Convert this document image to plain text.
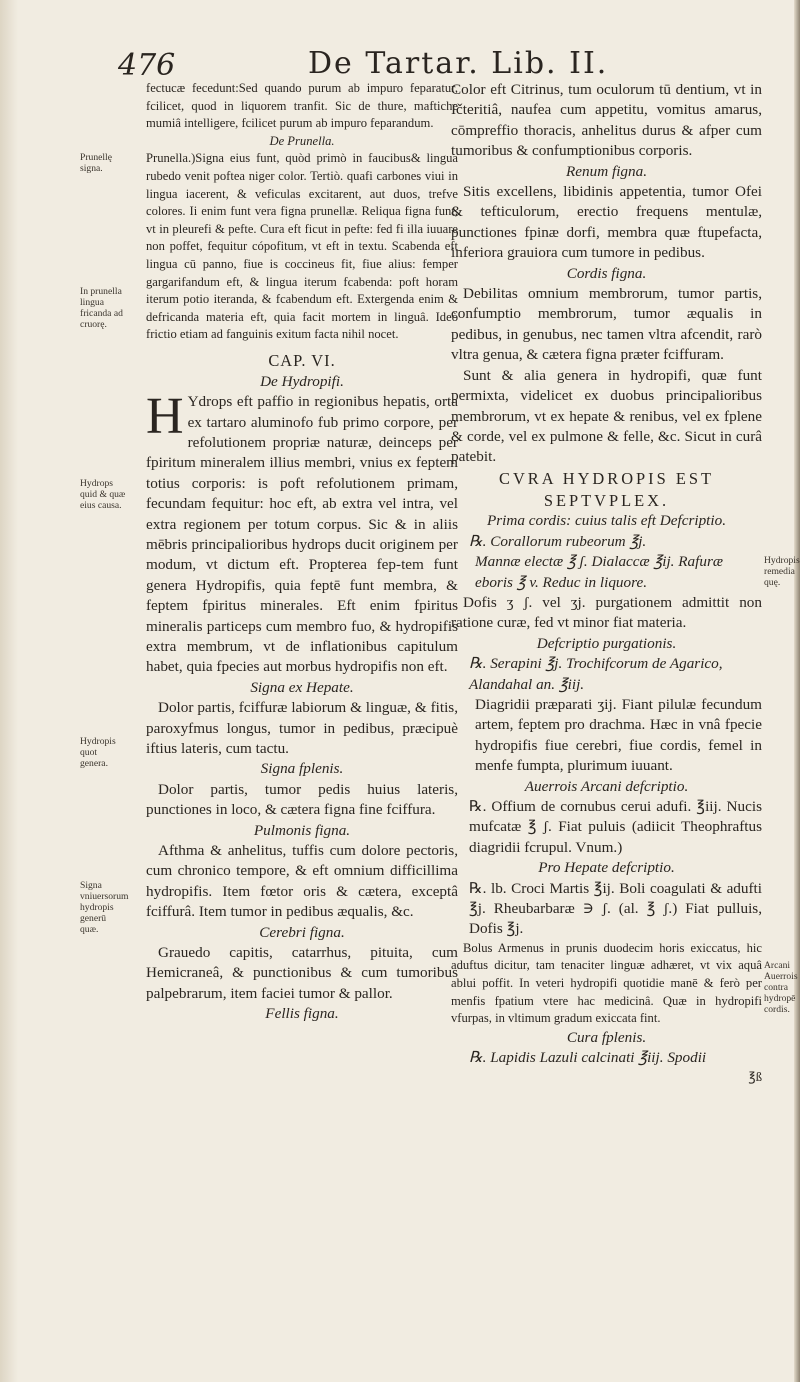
476	De Tartar. Lib. II.

Prunellę signa.

In prunella lingua fricanda ad cruorę.

Hydrops quid & quæ eius causa.

Hydropis quot genera.

Signa vniuersorum hydropis generū quæ.

Hydropis remedia quę.

Arcani Auerrois contra hydropē cordis.

fectucæ fecedunt:Sed quando purum ab impuro feparatur, fcilicet, quod in liquorem tranfit. Sic de thure, maftiche mumiâ intelligere, fcilicet purum ab impuro feparandum.

De Prunella.

Prunella.)Signa eius funt, quòd primò in faucibus& lingua rubedo venit poftea niger color. Tertiò. quafi carbones viui in lingua iacerent, & veficulas excitarent, aut duos, trefve colores. Ii enim funt vera figna prunellæ. Reliqua figna funt, vt in pleurefi & pefte. Cura eft ficut in pefte: fed fi illa iuuare non poffet, fequitur cópofitum, vt eft in textu. Scabenda eft lingua cū panno, fiue is coccineus fit, fiue alius: femper gargarifandum eft, & lingua iterum fcabenda: poft horam iterum potio iteranda, & fcabendum eft. Extergenda enim & defricanda materia eft, quia facit mortem in linguâ. Ideò frictio etiam ad fanguinis exitum facta nihil nocet.

CAP. VI.

De Hydropifi.

H Ydrops eft paffio in regionibus hepatis, orta ex tartaro aluminofo fub primo corpore, per refolutionem propriæ naturæ, deinceps per fpiritum mineralem illius membri, vnius ex feptem totius corporis: is poft refolutionem primam, fecundam fequitur: hoc eft, ab extra vel intra, vel extra regionem per totum corpus. Sic & in aliis mēbris principalioribus hydrops ducit originem per modum, vt dictum eft. Propterea fep-tem funt genera Hydropifis, quia feptē funt membra, & feptem fpiritus minerales. Eft enim fpiritus mineralis particeps cum membro fuo, & hydropifis extra membrum, vt de inflationibus capitulum habet, quia fpecies aut morbus hydropifis non eft.

Signa ex Hepate.

Dolor partis, fciffuræ labiorum & linguæ, & fitis, paroxyfmus longus, tumor in pedibus, præcipuè iftius lateris, cum tactu.

Signa fplenis.

Dolor partis, tumor pedis huius lateris, punctiones in loco, & cætera figna fine fciffura.

Pulmonis figna.

Afthma & anhelitus, tuffis cum dolore pectoris, cum chronico tempore, & eft omnium difficillima hydropifis. Item fœtor oris & cætera, exceptâ fciffurâ. Item tumor in pedibus æqualis, &c.

Cerebri figna.

Grauedo capitis, catarrhus, pituita, cum Hemicraneâ, & punctionibus & cum tumoribus palpebrarum, item faciei tumor & pallor.

Fellis figna.

Color eft Citrinus, tum oculorum tū dentium, vt in Ičteritiâ, naufea cum appetitu, vomitus amarus, cōmpreffio thoracis, anhelitus durus & afper cum tumoribus & confumptionibus corporis.

Renum figna.

Sitis excellens, libidinis appetentia, tumor Ofei & tefticulorum, erectio frequens mentulæ, punctiones fpinæ dorfi, membra quæ ftupefacta, inferiora grauiora cum tumore in pedibus.

Cordis figna.

Debilitas omnium membrorum, tumor partis, confumptio membrorum, tumor æqualis in pedibus, in genubus, nec tamen vltra afcendit, rarò vltra genua, & cætera figna præter fciffuram.

Sunt & alia genera in hydropifi, quæ funt permixta, videlicet ex duobus principalioribus membrorum, vt ex hepate & renibus, vel ex fplene & corde, vel ex pulmone & felle, &c. Sicut in curâ patebit.

CVRA HYDROPIS EST SEPTVPLEX.

Prima cordis: cuius talis eft Defcriptio.

℞. Corallorum rubeorum ℥j.

Mannæ electæ ℥ ʃ. Dialaccæ ℥ij. Rafuræ eboris ℥ v. Reduc in liquore.

Dofis ʒ ʃ. vel ʒj. purgationem admittit non ratione curæ, fed vt minor fiat materia.

Defcriptio purgationis.

℞. Serapini ℥j. Trochifcorum de Agarico, Alandahal an. ℥iij.

Diagridii præparati ʒij. Fiant pilulæ fecundum artem, feptem pro drachma. Hæc in vnâ fpecie hydropifis fiue cerebri, fiue cordis, femel in menfe fumpta, plurimum iuuant.

Auerrois Arcani defcriptio.

℞. Offium de cornubus cerui adufi. ℥iij. Nucis mufcatæ ℥ ʃ. Fiat puluis (adiicit Theophraftus diagridii fcrupul. Vnum.)

Pro Hepate defcriptio.

℞. lb. Croci Martis ℥ij. Boli coagulati & adufti ℥j. Rheubarbaræ ∋ ʃ. (al. ℥ ʃ.) Fiat pulluis, Dofis ℥j.

Bolus Armenus in prunis duodecim horis exiccatus, hic aduftus dicitur, tam tenaciter linguæ adhæret, vt vix aquâ ablui poffit. In veteri hydropifi quotidie manē & ferò per menfis fpatium vtere hac medicinâ. Quæ in hydropifi vfurpas, in vltimum gradum exiccata fint.

Cura fplenis.

℞. Lapidis Lazuli calcinati ℥iij. Spodii

℥ß
